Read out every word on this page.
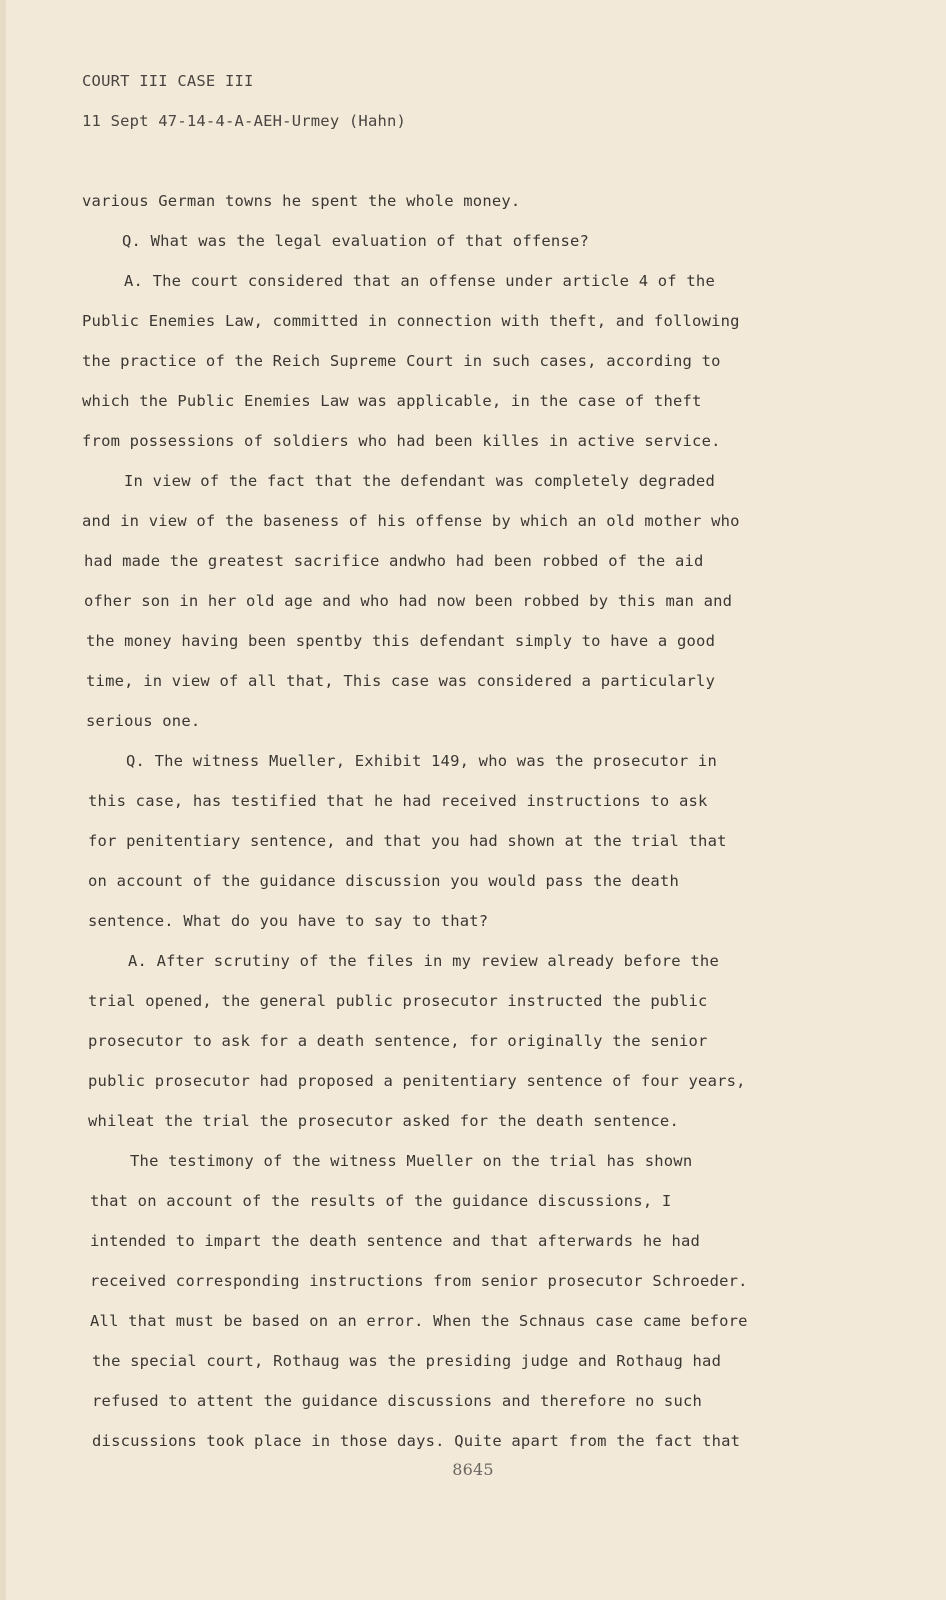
COURT III CASE III
11 Sept 47-14-4-A-AEH-Urmey (Hahn)
various German towns he spent the whole money.
Q. What was the legal evaluation of that offense?
A. The court considered that an offense under article 4 of the
Public Enemies Law, committed in connection with theft, and following
the practice of the Reich Supreme Court in such cases, according to
which the Public Enemies Law was applicable, in the case of theft
from possessions of soldiers who had been killes in active service.
In view of the fact that the defendant was completely degraded
and in view of the baseness of his offense by which an old mother who
had made the greatest sacrifice andwho had been robbed of the aid
ofher son in her old age and who had now been robbed by this man and
the money having been spentby this defendant simply to have a good
time, in view of all that, This case was considered a particularly
serious one.
Q. The witness Mueller, Exhibit 149, who was the prosecutor in
this case, has testified that he had received instructions to ask
for penitentiary sentence, and that you had shown at the trial that
on account of the guidance discussion you would pass the death
sentence. What do you have to say to that?
A. After scrutiny of the files in my review already before the
trial opened, the general public prosecutor instructed the public
prosecutor to ask for a death sentence, for originally the senior
public prosecutor had proposed a penitentiary sentence of four years,
whileat the trial the prosecutor asked for the death sentence.
The testimony of the witness Mueller on the trial has shown
that on account of the results of the guidance discussions, I
intended to impart the death sentence and that afterwards he had
received corresponding instructions from senior prosecutor Schroeder.
All that must be based on an error. When the Schnaus case came before
the special court, Rothaug was the presiding judge and Rothaug had
refused to attent the guidance discussions and therefore no such
discussions took place in those days. Quite apart from the fact that
8645
